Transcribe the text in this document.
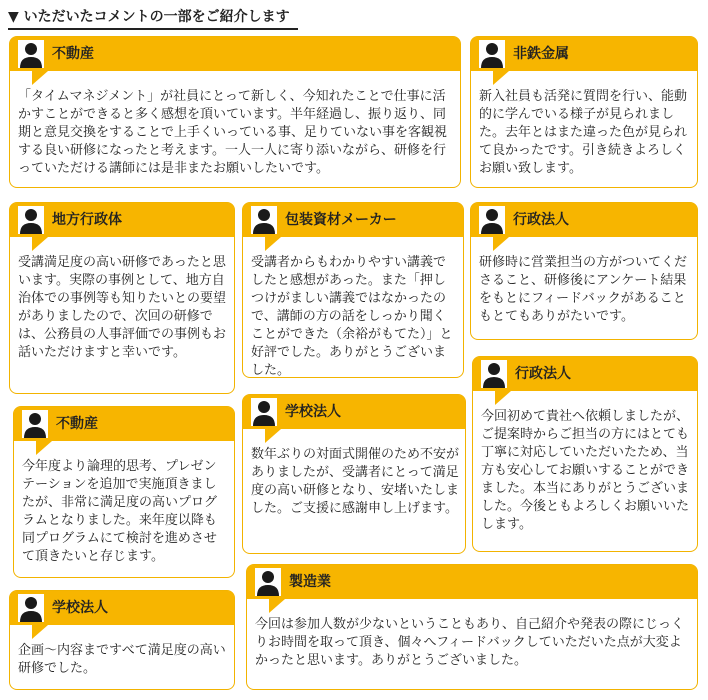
▼ いただいたコメントの一部をご紹介します
不動産
「タイムマネジメント」が社員にとって新しく、今知れたことで仕事に活かすことができると多く感想を頂いています。半年経過し、振り返り、同期と意見交換をすることで上手くいっている事、足りていない事を客観視する良い研修になったと考えます。一人一人に寄り添いながら、研修を行っていただける講師には是非またお願いしたいです。
非鉄金属
新入社員も活発に質問を行い、能動的に学んでいる様子が見られました。去年とはまた違った色が見られて良かったです。引き続きよろしくお願い致します。
地方行政体
受講満足度の高い研修であったと思います。実際の事例として、地方自治体での事例等も知りたいとの要望がありましたので、次回の研修では、公務員の人事評価での事例もお話いただけますと幸いです。
包装資材メーカー
受講者からもわかりやすい講義でしたと感想があった。また「押しつけがましい講義ではなかったので、講師の方の話をしっかり聞くことができた（余裕がもてた）」と好評でした。ありがとうございました。
行政法人
研修時に営業担当の方がついてくださること、研修後にアンケート結果をもとにフィードバックがあることもとてもありがたいです。
行政法人
今回初めて貴社へ依頼しましたが、ご提案時からご担当の方にはとても丁寧に対応していただいたため、当方も安心してお願いすることができました。本当にありがとうございました。今後ともよろしくお願いいたします。
不動産
今年度より論理的思考、プレゼンテーションを追加で実施頂きましたが、非常に満足度の高いプログラムとなりました。来年度以降も同プログラムにて検討を進めさせて頂きたいと存じます。
学校法人
数年ぶりの対面式開催のため不安がありましたが、受講者にとって満足度の高い研修となり、安堵いたしました。ご支援に感謝申し上げます。
学校法人
企画～内容まですべて満足度の高い研修でした。
製造業
今回は参加人数が少ないということもあり、自己紹介や発表の際にじっくりお時間を取って頂き、個々へフィードバックしていただいた点が大変よかったと思います。ありがとうございました。
